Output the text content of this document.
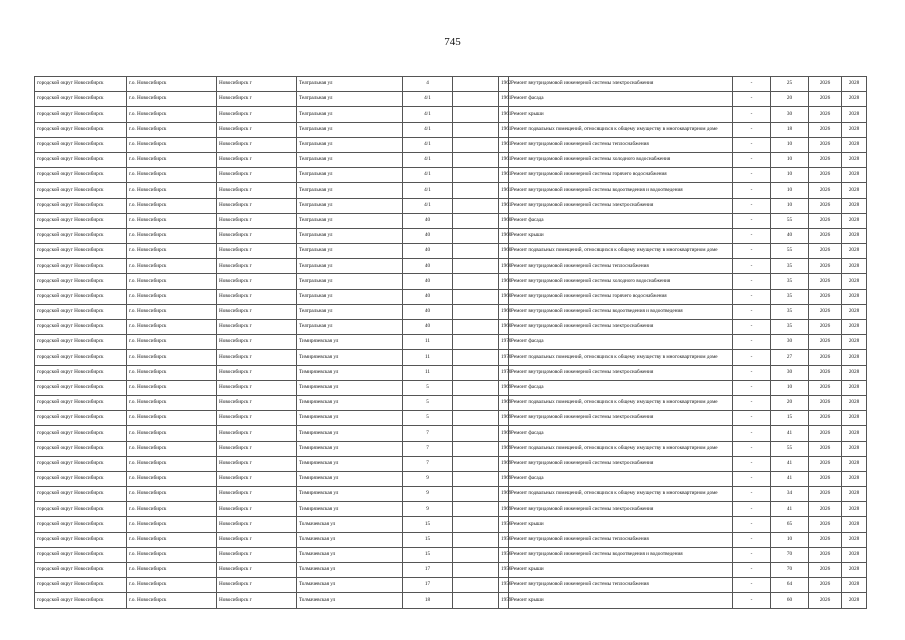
745
городской округ Новосибирск	г.о. Новосибирск	Новосибирск г	Театральная ул	4		1962	Ремонт внутридомовой инженерной системы электроснабжения	-	25	2026	2028
городской округ Новосибирск	г.о. Новосибирск	Новосибирск г	Театральная ул	4/1		1961	Ремонт фасада	-	20	2026	2028
городской округ Новосибирск	г.о. Новосибирск	Новосибирск г	Театральная ул	4/1		1961	Ремонт крыши	-	30	2026	2028
городской округ Новосибирск	г.о. Новосибирск	Новосибирск г	Театральная ул	4/1		1961	Ремонт подвальных помещений, относящихся к общему имуществу в многоквартирном доме	-	18	2026	2028
городской округ Новосибирск	г.о. Новосибирск	Новосибирск г	Театральная ул	4/1		1961	Ремонт внутридомовой инженерной системы теплоснабжения	-	10	2026	2028
городской округ Новосибирск	г.о. Новосибирск	Новосибирск г	Театральная ул	4/1		1961	Ремонт внутридомовой инженерной системы холодного водоснабжения	-	10	2026	2028
городской округ Новосибирск	г.о. Новосибирск	Новосибирск г	Театральная ул	4/1		1961	Ремонт внутридомовой инженерной системы горячего водоснабжения	-	10	2026	2028
городской округ Новосибирск	г.о. Новосибирск	Новосибирск г	Театральная ул	4/1		1961	Ремонт внутридомовой инженерной системы водоотведения и водоотведения	-	10	2026	2028
городской округ Новосибирск	г.о. Новосибирск	Новосибирск г	Театральная ул	4/1		1961	Ремонт внутридомовой инженерной системы электроснабжения	-	10	2026	2028
городской округ Новосибирск	г.о. Новосибирск	Новосибирск г	Театральная ул	40		1960	Ремонт фасада	-	55	2026	2028
городской округ Новосибирск	г.о. Новосибирск	Новосибирск г	Театральная ул	40		1960	Ремонт крыши	-	40	2026	2028
городской округ Новосибирск	г.о. Новосибирск	Новосибирск г	Театральная ул	40		1960	Ремонт подвальных помещений, относящихся к общему имуществу в многоквартирном доме	-	55	2026	2028
городской округ Новосибирск	г.о. Новосибирск	Новосибирск г	Театральная ул	40		1960	Ремонт внутридомовой инженерной системы теплоснабжения	-	35	2026	2028
городской округ Новосибирск	г.о. Новосибирск	Новосибирск г	Театральная ул	40		1960	Ремонт внутридомовой инженерной системы холодного водоснабжения	-	35	2026	2028
городской округ Новосибирск	г.о. Новосибирск	Новосибирск г	Театральная ул	40		1960	Ремонт внутридомовой инженерной системы горячего водоснабжения	-	35	2026	2028
городской округ Новосибирск	г.о. Новосибирск	Новосибирск г	Театральная ул	40		1960	Ремонт внутридомовой инженерной системы водоотведения и водоотведения	-	35	2026	2028
городской округ Новосибирск	г.о. Новосибирск	Новосибирск г	Театральная ул	40		1960	Ремонт внутридомовой инженерной системы электроснабжения	-	35	2026	2028
городской округ Новосибирск	г.о. Новосибирск	Новосибирск г	Тимирязевская ул	11		1970	Ремонт фасада	-	30	2026	2028
городской округ Новосибирск	г.о. Новосибирск	Новосибирск г	Тимирязевская ул	11		1970	Ремонт подвальных помещений, относящихся к общему имуществу в многоквартирном доме	-	27	2026	2028
городской округ Новосибирск	г.о. Новосибирск	Новосибирск г	Тимирязевская ул	11		1970	Ремонт внутридомовой инженерной системы электроснабжения	-	30	2026	2028
городской округ Новосибирск	г.о. Новосибирск	Новосибирск г	Тимирязевская ул	5		1969	Ремонт фасада	-	10	2026	2028
городской округ Новосибирск	г.о. Новосибирск	Новосибирск г	Тимирязевская ул	5		1969	Ремонт подвальных помещений, относящихся к общему имуществу в многоквартирном доме	-	20	2026	2028
городской округ Новосибирск	г.о. Новосибирск	Новосибирск г	Тимирязевская ул	5		1969	Ремонт внутридомовой инженерной системы электроснабжения	-	15	2026	2028
городской округ Новосибирск	г.о. Новосибирск	Новосибирск г	Тимирязевская ул	7		1969	Ремонт фасада	-	41	2026	2028
городской округ Новосибирск	г.о. Новосибирск	Новосибирск г	Тимирязевская ул	7		1969	Ремонт подвальных помещений, относящихся к общему имуществу в многоквартирном доме	-	55	2026	2028
городской округ Новосибирск	г.о. Новосибирск	Новосибирск г	Тимирязевская ул	7		1969	Ремонт внутридомовой инженерной системы электроснабжения	-	41	2026	2028
городской округ Новосибирск	г.о. Новосибирск	Новосибирск г	Тимирязевская ул	9		1969	Ремонт фасада	-	41	2026	2028
городской округ Новосибирск	г.о. Новосибирск	Новосибирск г	Тимирязевская ул	9		1969	Ремонт подвальных помещений, относящихся к общему имуществу в многоквартирном доме	-	34	2026	2028
городской округ Новосибирск	г.о. Новосибирск	Новосибирск г	Тимирязевская ул	9		1969	Ремонт внутридомовой инженерной системы электроснабжения	-	41	2026	2028
городской округ Новосибирск	г.о. Новосибирск	Новосибирск г	Толмачевская ул	15		1956	Ремонт крыши	-	65	2026	2028
городской округ Новосибирск	г.о. Новосибирск	Новосибирск г	Толмачевская ул	15		1956	Ремонт внутридомовой инженерной системы теплоснабжения	-	10	2026	2028
городской округ Новосибирск	г.о. Новосибирск	Новосибирск г	Толмачевская ул	15		1956	Ремонт внутридомовой инженерной системы водоотведения и водоотведения	-	70	2026	2028
городской округ Новосибирск	г.о. Новосибирск	Новосибирск г	Толмачевская ул	17		1956	Ремонт крыши	-	70	2026	2028
городской округ Новосибирск	г.о. Новосибирск	Новосибирск г	Толмачевская ул	17		1956	Ремонт внутридомовой инженерной системы теплоснабжения	-	64	2026	2028
городской округ Новосибирск	г.о. Новосибирск	Новосибирск г	Толмачевская ул	18		1959	Ремонт крыши	-	60	2026	2028
